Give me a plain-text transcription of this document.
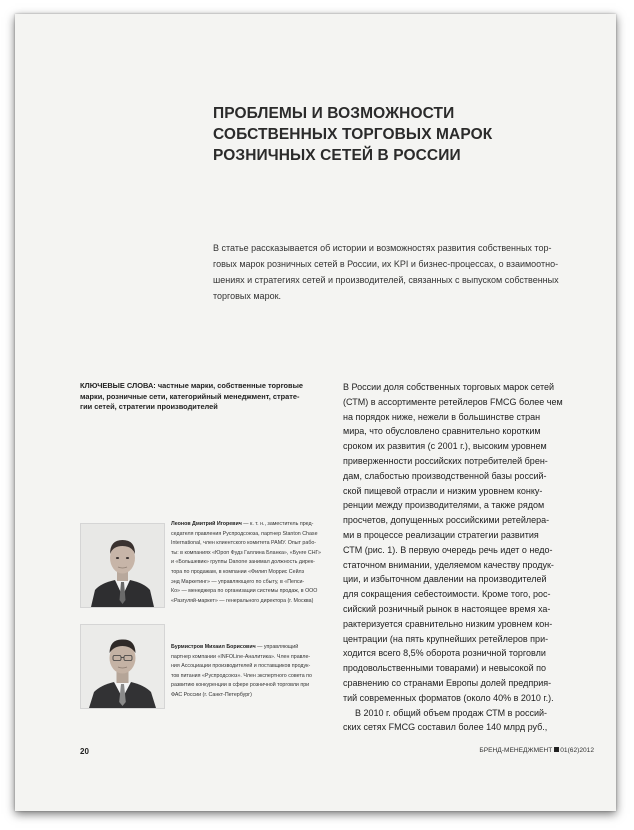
ПРОБЛЕМЫ И ВОЗМОЖНОСТИ
СОБСТВЕННЫХ ТОРГОВЫХ МАРОК
РОЗНИЧНЫХ СЕТЕЙ В РОССИИ
В статье рассказывается об истории и возможностях развития собственных тор-
говых марок розничных сетей в России, их KPI и бизнес-процессах, о взаимоотно-
шениях и стратегиях сетей и производителей, связанных с выпуском собственных
торговых марок.
КЛЮЧЕВЫЕ СЛОВА: частные марки, собственные торговые
марки, розничные сети, категорийный менеджмент, страте-
гии сетей, стратегии производителей
Леонов Дмитрий Игоревич — к. т. н., заместитель пред-
седателя правления Руспродсоюза, партнер Stanton Chase
International, член клиентского комитета РАМУ. Опыт рабо-
ты: в компаниях «Юроп Фудз Галлина Бланка», «Бунге СНГ»
и «Большевик» группы Danone занимал должность дирек-
тора по продажам, в компании «Филип Моррис Сейлз
энд Маркетинг» — управляющего по сбыту, в «Пепси-
Ко» — менеджера по организации системы продаж, в ООО
«Разгуляй-маркет» — генерального директора (г. Москва)
Бурмистров Михаил Борисович — управляющий
партнер компании «INFOLine-Аналитика». Член правле-
ния Ассоциации производителей и поставщиков продук-
тов питания «Руспродсоюз». Член экспертного совета по
развитию конкуренции в сфере розничной торговли при
ФАС России (г. Санкт-Петербург)
В России доля собственных торговых марок сетей
(СТМ) в ассортименте ретейлеров FMCG более чем
на порядок ниже, нежели в большинстве стран
мира, что обусловлено сравнительно коротким
сроком их развития (с 2001 г.), высоким уровнем
приверженности российских потребителей брен-
дам, слабостью производственной базы россий-
ской пищевой отрасли и низким уровнем конку-
ренции между производителями, а также рядом
просчетов, допущенных российскими ретейлера-
ми в процессе реализации стратегии развития
СТМ (рис. 1). В первую очередь речь идет о недо-
статочном внимании, уделяемом качеству продук-
ции, и избыточном давлении на производителей
для сокращения себестоимости. Кроме того, рос-
сийский розничный рынок в настоящее время ха-
рактеризуется сравнительно низким уровнем кон-
центрации (на пять крупнейших ретейлеров при-
ходится всего 8,5% оборота розничной торговли
продовольственными товарами) и невысокой по
сравнению со странами Европы долей предприя-
тий современных форматов (около 40% в 2010 г.).
В 2010 г. общий объем продаж СТМ в россий-
ских сетях FMCG составил более 140 млрд руб.,
20	БРЕНД-МЕНЕДЖМЕНТ 01(62)2012
